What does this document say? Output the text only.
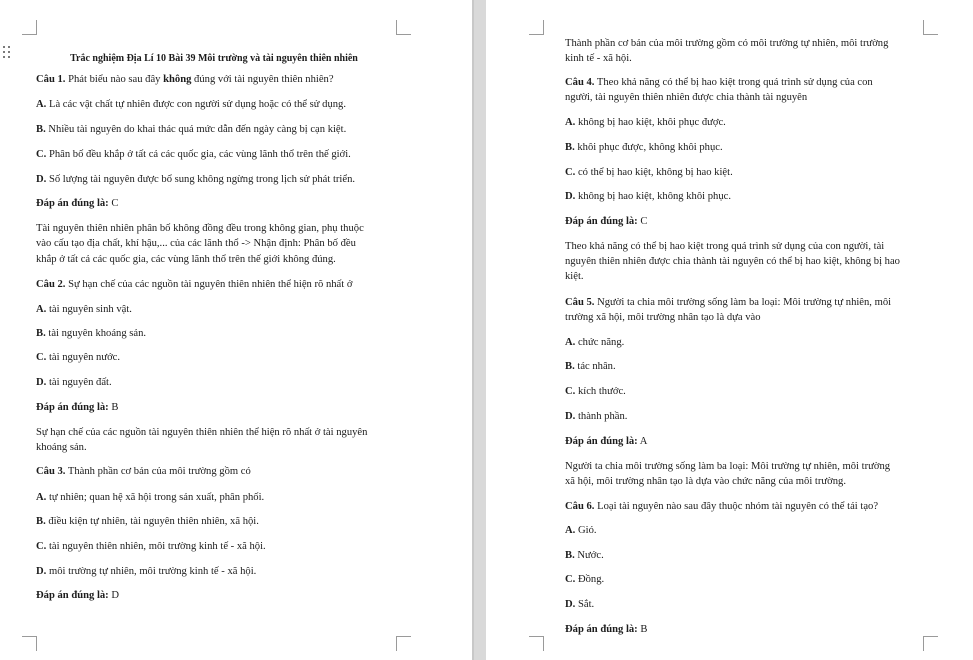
Trắc nghiệm Địa Lí 10 Bài 39 Môi trường và tài nguyên thiên nhiên
Câu 1. Phát biểu nào sau đây không đúng với tài nguyên thiên nhiên?
A. Là các vật chất tự nhiên được con người sử dụng hoặc có thể sử dụng.
B. Nhiều tài nguyên do khai thác quá mức dẫn đến ngày càng bị cạn kiệt.
C. Phân bố đều khắp ở tất cả các quốc gia, các vùng lãnh thổ trên thế giới.
D. Số lượng tài nguyên được bổ sung không ngừng trong lịch sử phát triển.
Đáp án đúng là: C
Tài nguyên thiên nhiên phân bố không đồng đều trong không gian, phụ thuộc
vào cấu tạo địa chất, khí hậu,... của các lãnh thổ -> Nhận định: Phân bố đều
khắp ở tất cả các quốc gia, các vùng lãnh thổ trên thế giới không đúng.
Câu 2. Sự hạn chế của các nguồn tài nguyên thiên nhiên thể hiện rõ nhất ở
A. tài nguyên sinh vật.
B. tài nguyên khoáng sản.
C. tài nguyên nước.
D. tài nguyên đất.
Đáp án đúng là: B
Sự hạn chế của các nguồn tài nguyên thiên nhiên thể hiện rõ nhất ở tài nguyên
khoáng sản.
Câu 3. Thành phần cơ bản của môi trường gồm có
A. tự nhiên; quan hệ xã hội trong sản xuất, phân phối.
B. điều kiện tự nhiên, tài nguyên thiên nhiên, xã hội.
C. tài nguyên thiên nhiên, môi trường kinh tế - xã hội.
D. môi trường tự nhiên, môi trường kinh tế - xã hội.
Đáp án đúng là: D
Thành phần cơ bản của môi trường gồm có môi trường tự nhiên, môi trường
kinh tế - xã hội.
Câu 4. Theo khả năng có thể bị hao kiệt trong quá trình sử dụng của con
người, tài nguyên thiên nhiên được chia thành tài nguyên
A. không bị hao kiệt, khôi phục được.
B. khôi phục được, không khôi phục.
C. có thể bị hao kiệt, không bị hao kiệt.
D. không bị hao kiệt, không khôi phục.
Đáp án đúng là: C
Theo khả năng có thể bị hao kiệt trong quá trình sử dụng của con người, tài
nguyên thiên nhiên được chia thành tài nguyên có thể bị hao kiệt, không bị hao
kiệt.
Câu 5. Người ta chia môi trường sống làm ba loại: Môi trường tự nhiên, môi
trường xã hội, môi trường nhân tạo là dựa vào
A. chức năng.
B. tác nhân.
C. kích thước.
D. thành phần.
Đáp án đúng là: A
Người ta chia môi trường sống làm ba loại: Môi trường tự nhiên, môi trường
xã hội, môi trường nhân tạo là dựa vào chức năng của môi trường.
Câu 6. Loại tài nguyên nào sau đây thuộc nhóm tài nguyên có thể tái tạo?
A. Gió.
B. Nước.
C. Đồng.
D. Sắt.
Đáp án đúng là: B
